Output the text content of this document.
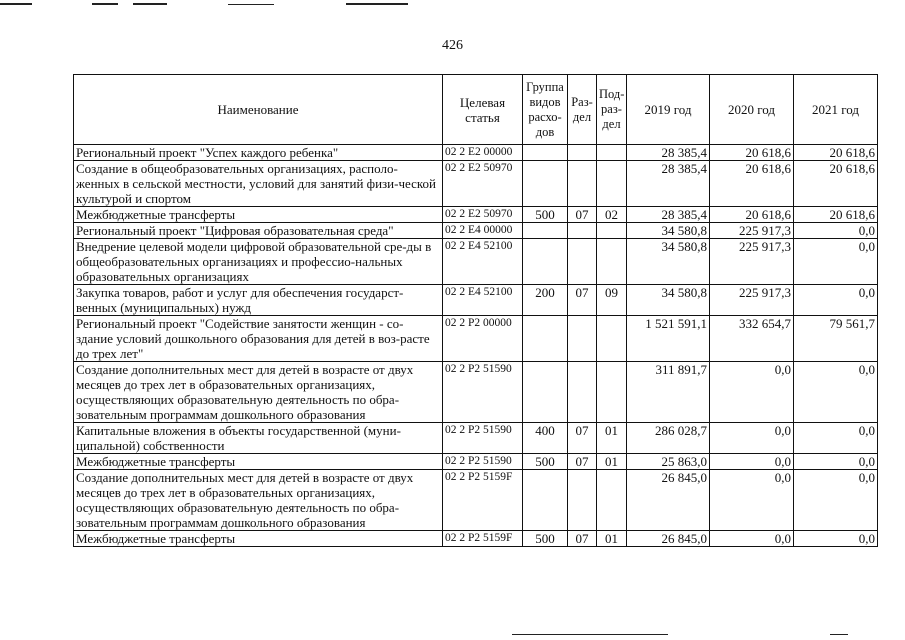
426
Наименование	Целевая статья	Группа видов расхо-дов	Раз-дел	Под-раз-дел	2019 год	2020 год	2021 год
Региональный проект "Успех каждого ребенка"	02 2 E2 00000				28 385,4	20 618,6	20 618,6
Создание в общеобразовательных организациях, располо-женных в сельской местности, условий для занятий физи-ческой культурой и спортом	02 2 E2 50970				28 385,4	20 618,6	20 618,6
Межбюджетные трансферты	02 2 E2 50970	500	07	02	28 385,4	20 618,6	20 618,6
Региональный проект "Цифровая образовательная среда"	02 2 E4 00000				34 580,8	225 917,3	0,0
Внедрение целевой модели цифровой образовательной сре-ды в общеобразовательных организациях и профессио-нальных образовательных организациях	02 2 E4 52100				34 580,8	225 917,3	0,0
Закупка товаров, работ и услуг для обеспечения государст-венных (муниципальных) нужд	02 2 E4 52100	200	07	09	34 580,8	225 917,3	0,0
Региональный проект "Содействие занятости женщин - со-здание условий дошкольного образования для детей в воз-расте до трех лет"	02 2 P2 00000				1 521 591,1	332 654,7	79 561,7
Создание дополнительных мест для детей в возрасте от двух месяцев до трех лет в образовательных организациях, осуществляющих образовательную деятельность по обра-зовательным программам дошкольного образования	02 2 P2 51590				311 891,7	0,0	0,0
Капитальные вложения в объекты государственной (муни-ципальной) собственности	02 2 P2 51590	400	07	01	286 028,7	0,0	0,0
Межбюджетные трансферты	02 2 P2 51590	500	07	01	25 863,0	0,0	0,0
Создание дополнительных мест для детей в возрасте от двух месяцев до трех лет в образовательных организациях, осуществляющих образовательную деятельность по обра-зовательным программам дошкольного образования	02 2 P2 5159F				26 845,0	0,0	0,0
Межбюджетные трансферты	02 2 P2 5159F	500	07	01	26 845,0	0,0	0,0
